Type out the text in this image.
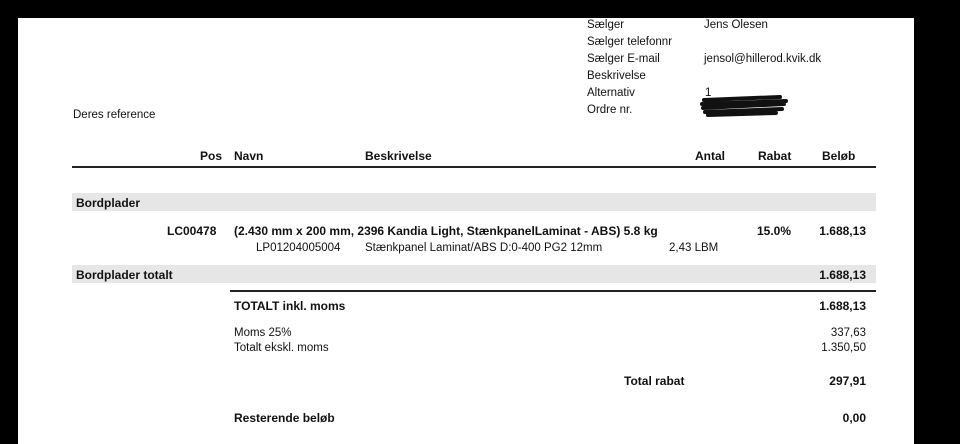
Sælger	Jens Olesen
Sælger telefonnr
Sælger E-mail	jensol@hillerod.kvik.dk
Beskrivelse
Alternativ	1
Ordre nr.
Deres reference
Pos Navn	Beskrivelse	Antal	Rabat	Beløb
Bordplader
LC00478 (2.430 mm x 200 mm, 2396 Kandia Light, StænkpanelLaminat - ABS) 5.8 kg	15.0% 1.688,13
LP01204005004 Stænkpanel Laminat/ABS D:0-400 PG2 12mm	2,43 LBM
Bordplader totalt	1.688,13
TOTALT inkl. moms	1.688,13
Moms 25%	337,63
Totalt ekskl. moms	1.350,50
Total rabat	297,91
Resterende beløb	0,00
